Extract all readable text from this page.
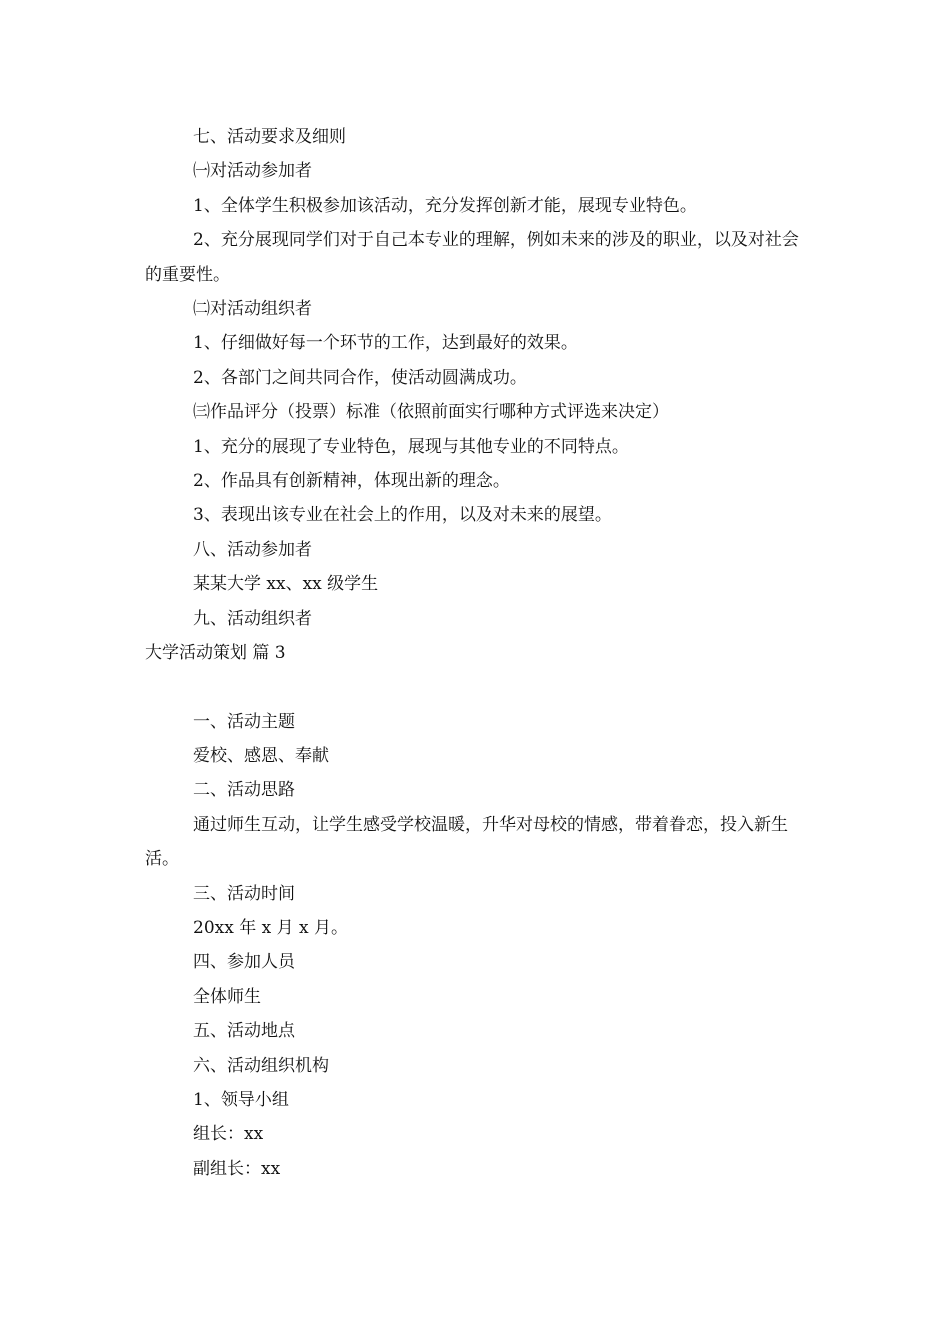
七、活动要求及细则

㈠对活动参加者

1、全体学生积极参加该活动，充分发挥创新才能，展现专业特色。

2、充分展现同学们对于自己本专业的理解，例如未来的涉及的职业，以及对社会的重要性。

㈡对活动组织者

1、仔细做好每一个环节的工作，达到最好的效果。

2、各部门之间共同合作，使活动圆满成功。

㈢作品评分（投票）标准（依照前面实行哪种方式评选来决定）

1、充分的展现了专业特色，展现与其他专业的不同特点。

2、作品具有创新精神，体现出新的理念。

3、表现出该专业在社会上的作用，以及对未来的展望。

八、活动参加者

某某大学 xx、xx 级学生

九、活动组织者

大学活动策划 篇 3

一、活动主题

爱校、感恩、奉献

二、活动思路

通过师生互动，让学生感受学校温暖，升华对母校的情感，带着眷恋，投入新生活。

三、活动时间

20xx 年 x 月 x 月。

四、参加人员

全体师生

五、活动地点

六、活动组织机构

1、领导小组

组长：xx

副组长：xx
